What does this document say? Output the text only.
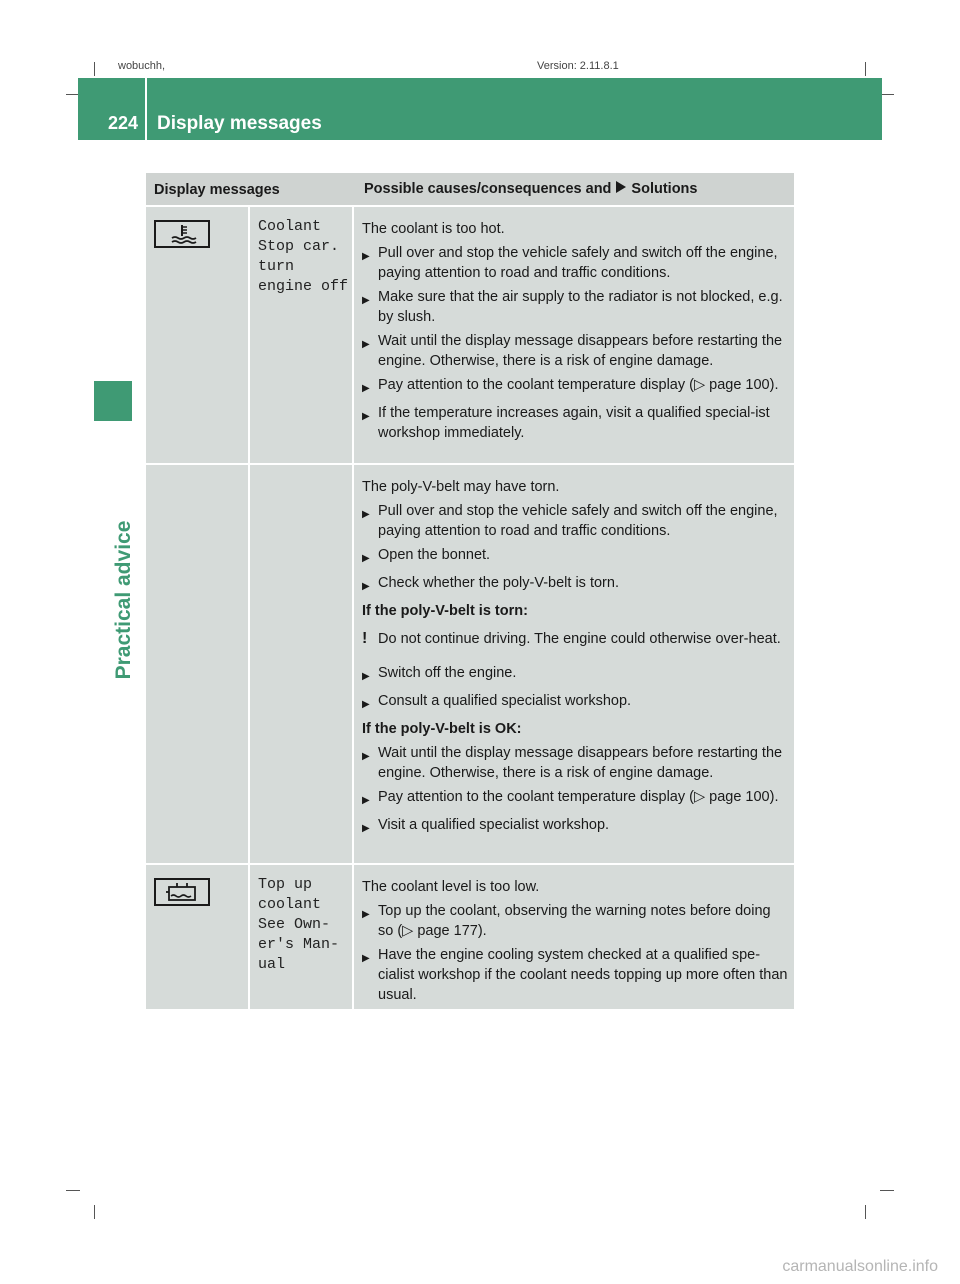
wobuchh,	Version: 2.11.8.1
224 Display messages
Practical advice
Display messages	Possible causes/consequences and Solutions
Coolant
Stop car.
turn
engine off

The coolant is too hot.

▶ Pull over and stop the vehicle safely and switch off the engine, paying attention to road and traffic conditions.
▶ Make sure that the air supply to the radiator is not blocked, e.g. by slush.
▶ Wait until the display message disappears before restarting the engine. Otherwise, there is a risk of engine damage.
▶ Pay attention to the coolant temperature display (▷ page 100).
▶ If the temperature increases again, visit a qualified special-ist workshop immediately.

The poly-V-belt may have torn.

▶ Pull over and stop the vehicle safely and switch off the engine, paying attention to road and traffic conditions.
▶ Open the bonnet.
▶ Check whether the poly-V-belt is torn.

If the poly-V-belt is torn:

! Do not continue driving. The engine could otherwise over-heat.
▶ Switch off the engine.
▶ Consult a qualified specialist workshop.

If the poly-V-belt is OK:

▶ Wait until the display message disappears before restarting the engine. Otherwise, there is a risk of engine damage.
▶ Pay attention to the coolant temperature display (▷ page 100).
▶ Visit a qualified specialist workshop.
Top up
coolant
See Own-
er's Man-
ual

The coolant level is too low.

▶ Top up the coolant, observing the warning notes before doing so (▷ page 177).
▶ Have the engine cooling system checked at a qualified spe-cialist workshop if the coolant needs topping up more often than usual.
carmanualsonline.info
